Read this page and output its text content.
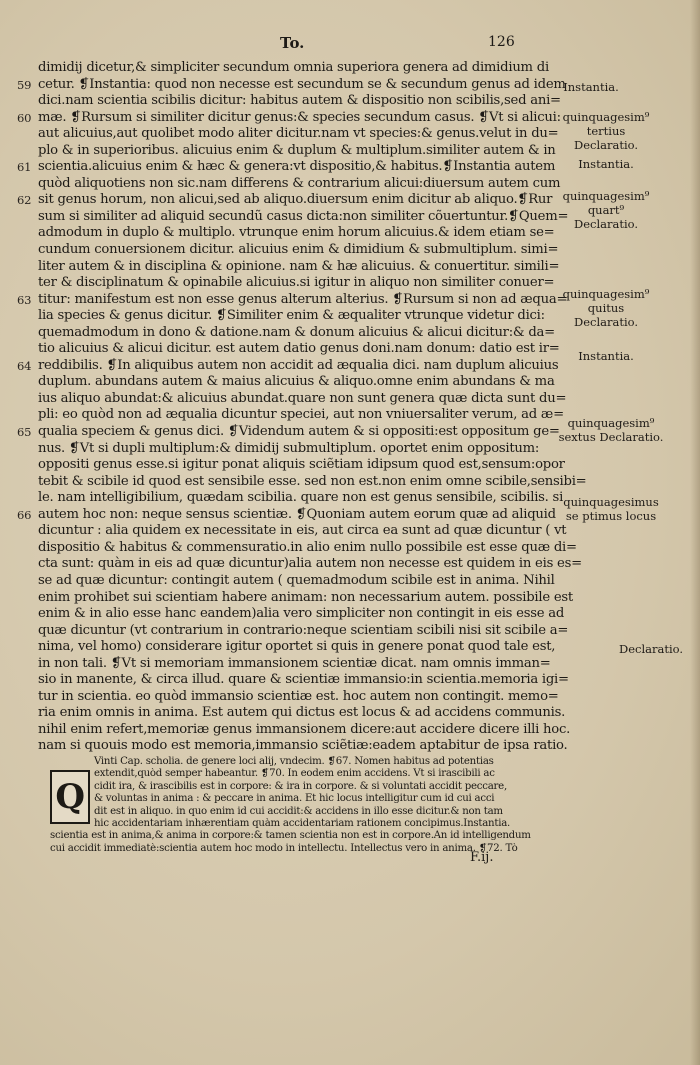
To.	126
dimidij dicetur,& simpliciter secundum omnia superiora genera ad dimidium di
59 cetur. ❡Instantia: quod non necesse est secundum se & secundum genus ad idem
dici.nam scientia scibilis dicitur: habitus autem & dispositio non scibilis,sed ani=
60 mæ. ❡Rursum si similiter dicitur genus:& species secundum casus. ❡Vt si alicui:
aut alicuius,aut quolibet modo aliter dicitur.nam vt species:& genus.velut in du=
plo & in superioribus. alicuius enim & duplum & multiplum.similiter autem & in
61 scientia.alicuius enim & hæc & genera:vt dispositio,& habitus.❡Instantia autem
quòd aliquotiens non sic.nam differens & contrarium alicui:diuersum autem cum
62 sit genus horum, non alicui,sed ab aliquo.diuersum enim dicitur ab aliquo.❡Rur
sum si similiter ad aliquid secundũ casus dicta:non similiter cõuertuntur.❡Quem=
admodum in duplo & multiplo. vtrunque enim horum alicuius.& idem etiam se=
cundum conuersionem dicitur. alicuius enim & dimidium & submultiplum. simi=
liter autem & in disciplina & opinione. nam & hæ alicuius. & conuertitur. simili=
ter & disciplinatum & opinabile alicuius.si igitur in aliquo non similiter conuer=
63 titur: manifestum est non esse genus alterum alterius. ❡Rursum si non ad æqua=
lia species & genus dicitur. ❡Similiter enim & æqualiter vtrunque videtur dici:
quemadmodum in dono & datione.nam & donum alicuius & alicui dicitur:& da=
tio alicuius & alicui dicitur. est autem datio genus doni.nam donum: datio est ir=
64 reddibilis. ❡In aliquibus autem non accidit ad æqualia dici. nam duplum alicuius
duplum. abundans autem & maius alicuius & aliquo.omne enim abundans & ma
ius aliquo abundat:& alicuius abundat.quare non sunt genera quæ dicta sunt du=
pli: eo quòd non ad æqualia dicuntur speciei, aut non vniuersaliter verum, ad æ=
65 qualia speciem & genus dici. ❡Videndum autem & si oppositi:est oppositum ge=
nus. ❡Vt si dupli multiplum:& dimidij submultiplum. oportet enim oppositum:
oppositi genus esse.si igitur ponat aliquis sciẽtiam idipsum quod est,sensum:opor
tebit & scibile id quod est sensibile esse. sed non est.non enim omne scibile,sensibi=
le. nam intelligibilium, quædam scibilia. quare non est genus sensibile, scibilis. si
66 autem hoc non: neque sensus scientiæ. ❡Quoniam autem eorum quæ ad aliquid
dicuntur : alia quidem ex necessitate in eis, aut circa ea sunt ad quæ dicuntur ( vt
dispositio & habitus & commensuratio.in alio enim nullo possibile est esse quæ di=
cta sunt: quàm in eis ad quæ dicuntur)alia autem non necesse est quidem in eis es=
se ad quæ dicuntur: contingit autem ( quemadmodum scibile est in anima. Nihil
enim prohibet sui scientiam habere animam: non necessarium autem. possibile est
enim & in alio esse hanc eandem)alia vero simpliciter non contingit in eis esse ad
quæ dicuntur (vt contrarium in contrario:neque scientiam scibili nisi sit scibile a=
nima, vel homo) considerare igitur oportet si quis in genere ponat quod tale est,
in non tali. ❡Vt si memoriam immansionem scientiæ dicat. nam omnis imman=
sio in manente, & circa illud. quare & scientiæ immansio:in scientia.memoria igi=
tur in scientia. eo quòd immansio scientiæ est. hoc autem non contingit. memo=
ria enim omnis in anima. Est autem qui dictus est locus & ad accidens communis.
nihil enim refert,memoriæ genus immansionem dicere:aut accidere dicere illi hoc.
nam si quouis modo est memoria,immansio sciẽtiæ:eadem aptabitur de ipsa ratio.
Instantia.
quinquagesim⁹ tertius Declaratio.
Instantia.
quinquagesim⁹ quart⁹ Declaratio.
quinquagesim⁹ quitus Declaratio.
Instantia.
quinquagesim⁹ sextus Declaratio.
quinquagesimus se ptimus locus
Declaratio.
Q
Vinti Cap. scholia. de genere loci alij, vndecim. ❡67. Nomen habitus ad potentias
extendit,quòd semper habeantur. ❡70. In eodem enim accidens. Vt si irascibili ac
cidit ira, & irascibilis est in corpore: & ira in corpore. & si voluntati accidit peccare,
& voluntas in anima : & peccare in anima. Et hic locus intelligitur cum id cui acci
dit est in aliquo. in quo enim id cui accidit:& accidens in illo esse dicitur.& non tam
hic accidentariam inhærentiam quàm accidentariam rationem concipimus.Instantia.
scientia est in anima,& anima in corpore:& tamen scientia non est in corpore.An id intelligendum
cui accidit immediatè:scientia autem hoc modo in intellectu. Intellectus vero in anima. ❡72. Tò
F.ij.
